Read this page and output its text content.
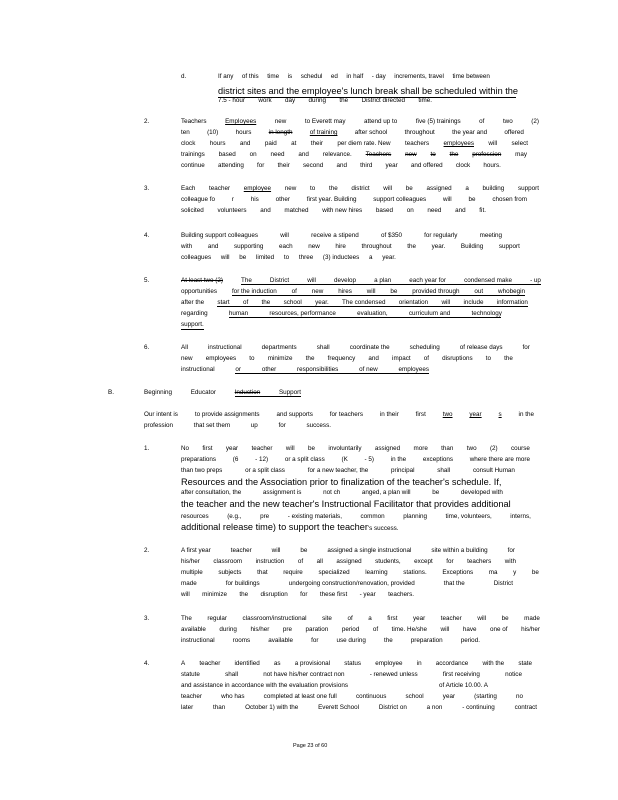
d.	If any of this time is schedul ed in half - day increments, travel time between

district sites and the employee's lunch break shall be scheduled within the

7.5 - hour work day during the District directed time.

2.	Teachers	Employees	new	to Everett may	attend up to	five (5) trainings	of	two	(2)
ten	(10)	hours	in length	of training	after school	throughout	the year and	offered
clock hours and paid at their per diem rate. New teachers employees will select
trainings based on need and relevance. Teachers new to the profession may
continue attending for their second and third year and offered clock hours.

3.	Each teacher employee new to the district will be assigned a building support
colleague fo	r	his	other	first year. Building	support colleagues	will	be	chosen from
solicited volunteers and matched with new hires based on need and fit.

4.	Building support colleagues	will	receive a stipend	of $350	for regularly	meeting
with and supporting each new hire throughout the year. Building support
colleagues will be limited to three (3) inductees a year.

5.	At least two (2)	The	District	will	develop	a plan	each year for	condensed make	- up
opportunities for the induction of new hires will be provided through out whobegin
after the start of the school year. The condensed orientation will include information
regarding	human	resources, performance	evaluation,	curriculum and	technology

support.

6.	All	instructional	departments	shall	coordinate the	scheduling	of release days	for
new employees to minimize the frequency and impact of disruptions to the
instructional	or	other	responsibilities	of new	employees

B.	Beginning	Educator	Induction	Support
Our intent is	to provide assignments	and supports	for teachers	in their	first	two	year	s	in the
profession	that set them	up	for	success.

1.	No first year teacher will be involuntarily assigned more than two (2) course
preparations	(6	- 12)	or a split class	(K	- 5)	in the	exceptions	where there are more
than two preps	or a split class	for a new teacher, the	principal	shall	consult Human

Resources and the Association prior to finalization of the teacher's schedule. If,

after consultation, the	assignment is	not ch	anged, a plan will	be	developed with

the teacher and the new teacher's Instructional Facilitator that provides additional

resources	(e.g.,	pre	- existing materials,	common	planning	time, volunteers,	interns,

additional release time) to support the teacher's success.

2.	A first year	teacher	will	be	assigned a single instructional	site within a building	for
his/her classroom instruction of all assigned students, except for teachers with
multiple subjects that require specialized learning stations. Exceptions ma y be
made	for buildings	undergoing construction/renovation, provided	that the	District
will minimize the disruption for these first - year teachers.

3.	The regular classroom/instructional site of a first year teacher will be made
available during his/her pre paration period of time. He/she will have one of his/her
instructional	rooms	available	for	use during	the	preparation	period.

4.	A teacher identified as a provisional status employee in accordance with the state
statute	shall	not have his/her contract non	- renewed unless	first receiving	notice
and assistance in accordance with the evaluation provisions	of Article 10.00. A
teacher	who has	completed at least one full	continuous	school	year	(starting	no
later	than	October 1) with the	Everett School	District on	a non	- continuing	contract

Page 23 of 60
